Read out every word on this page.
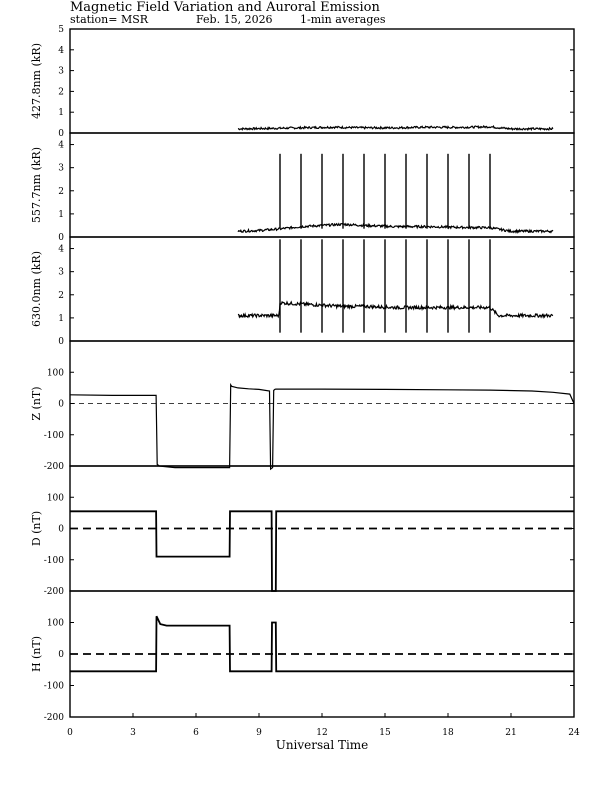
Magnetic Field Variation and Auroral Emission
station= MSR	Feb. 15, 2026 1-min averages
0
1
2
3
4
5
427.8nm (kR)
0
1
2
3
4
557.7nm (kR)
0
1
2
3
4
630.0nm (kR)
-200
-100
0
100
Z (nT)
-200
-100
0
100
D (nT)
-200
-100
0
100
H (nT)
0	3	6	9	12	15	18	21	24
Universal Time
